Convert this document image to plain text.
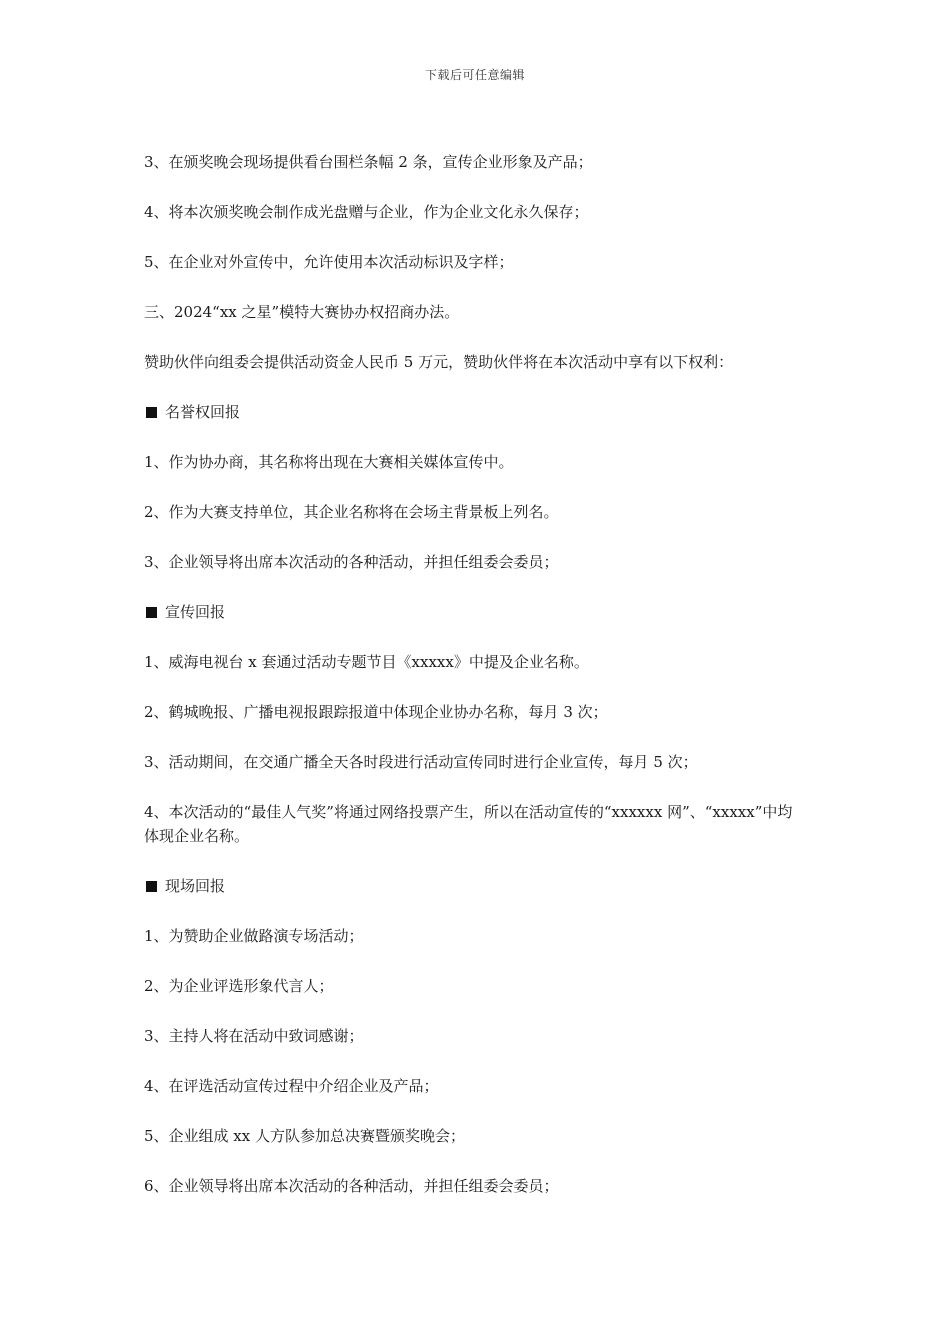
下载后可任意编辑

3、在颁奖晚会现场提供看台围栏条幅 2 条，宣传企业形象及产品；

4、将本次颁奖晚会制作成光盘赠与企业，作为企业文化永久保存；

5、在企业对外宣传中，允许使用本次活动标识及字样；

三、2024“xx 之星”模特大赛协办权招商办法。

赞助伙伴向组委会提供活动资金人民币 5 万元，赞助伙伴将在本次活动中享有以下权利：

名誉权回报

1、作为协办商，其名称将出现在大赛相关媒体宣传中。

2、作为大赛支持单位，其企业名称将在会场主背景板上列名。

3、企业领导将出席本次活动的各种活动，并担任组委会委员；

宣传回报

1、威海电视台 x 套通过活动专题节目《xxxxx》中提及企业名称。

2、鹤城晚报、广播电视报跟踪报道中体现企业协办名称，每月 3 次；

3、活动期间，在交通广播全天各时段进行活动宣传同时进行企业宣传，每月 5 次；

4、本次活动的“最佳人气奖”将通过网络投票产生，所以在活动宣传的“xxxxxx 网”、“xxxxx”中均体现企业名称。

现场回报

1、为赞助企业做路演专场活动；

2、为企业评选形象代言人；

3、主持人将在活动中致词感谢；

4、在评选活动宣传过程中介绍企业及产品；

5、企业组成 xx 人方队参加总决赛暨颁奖晚会；

6、企业领导将出席本次活动的各种活动，并担任组委会委员；
